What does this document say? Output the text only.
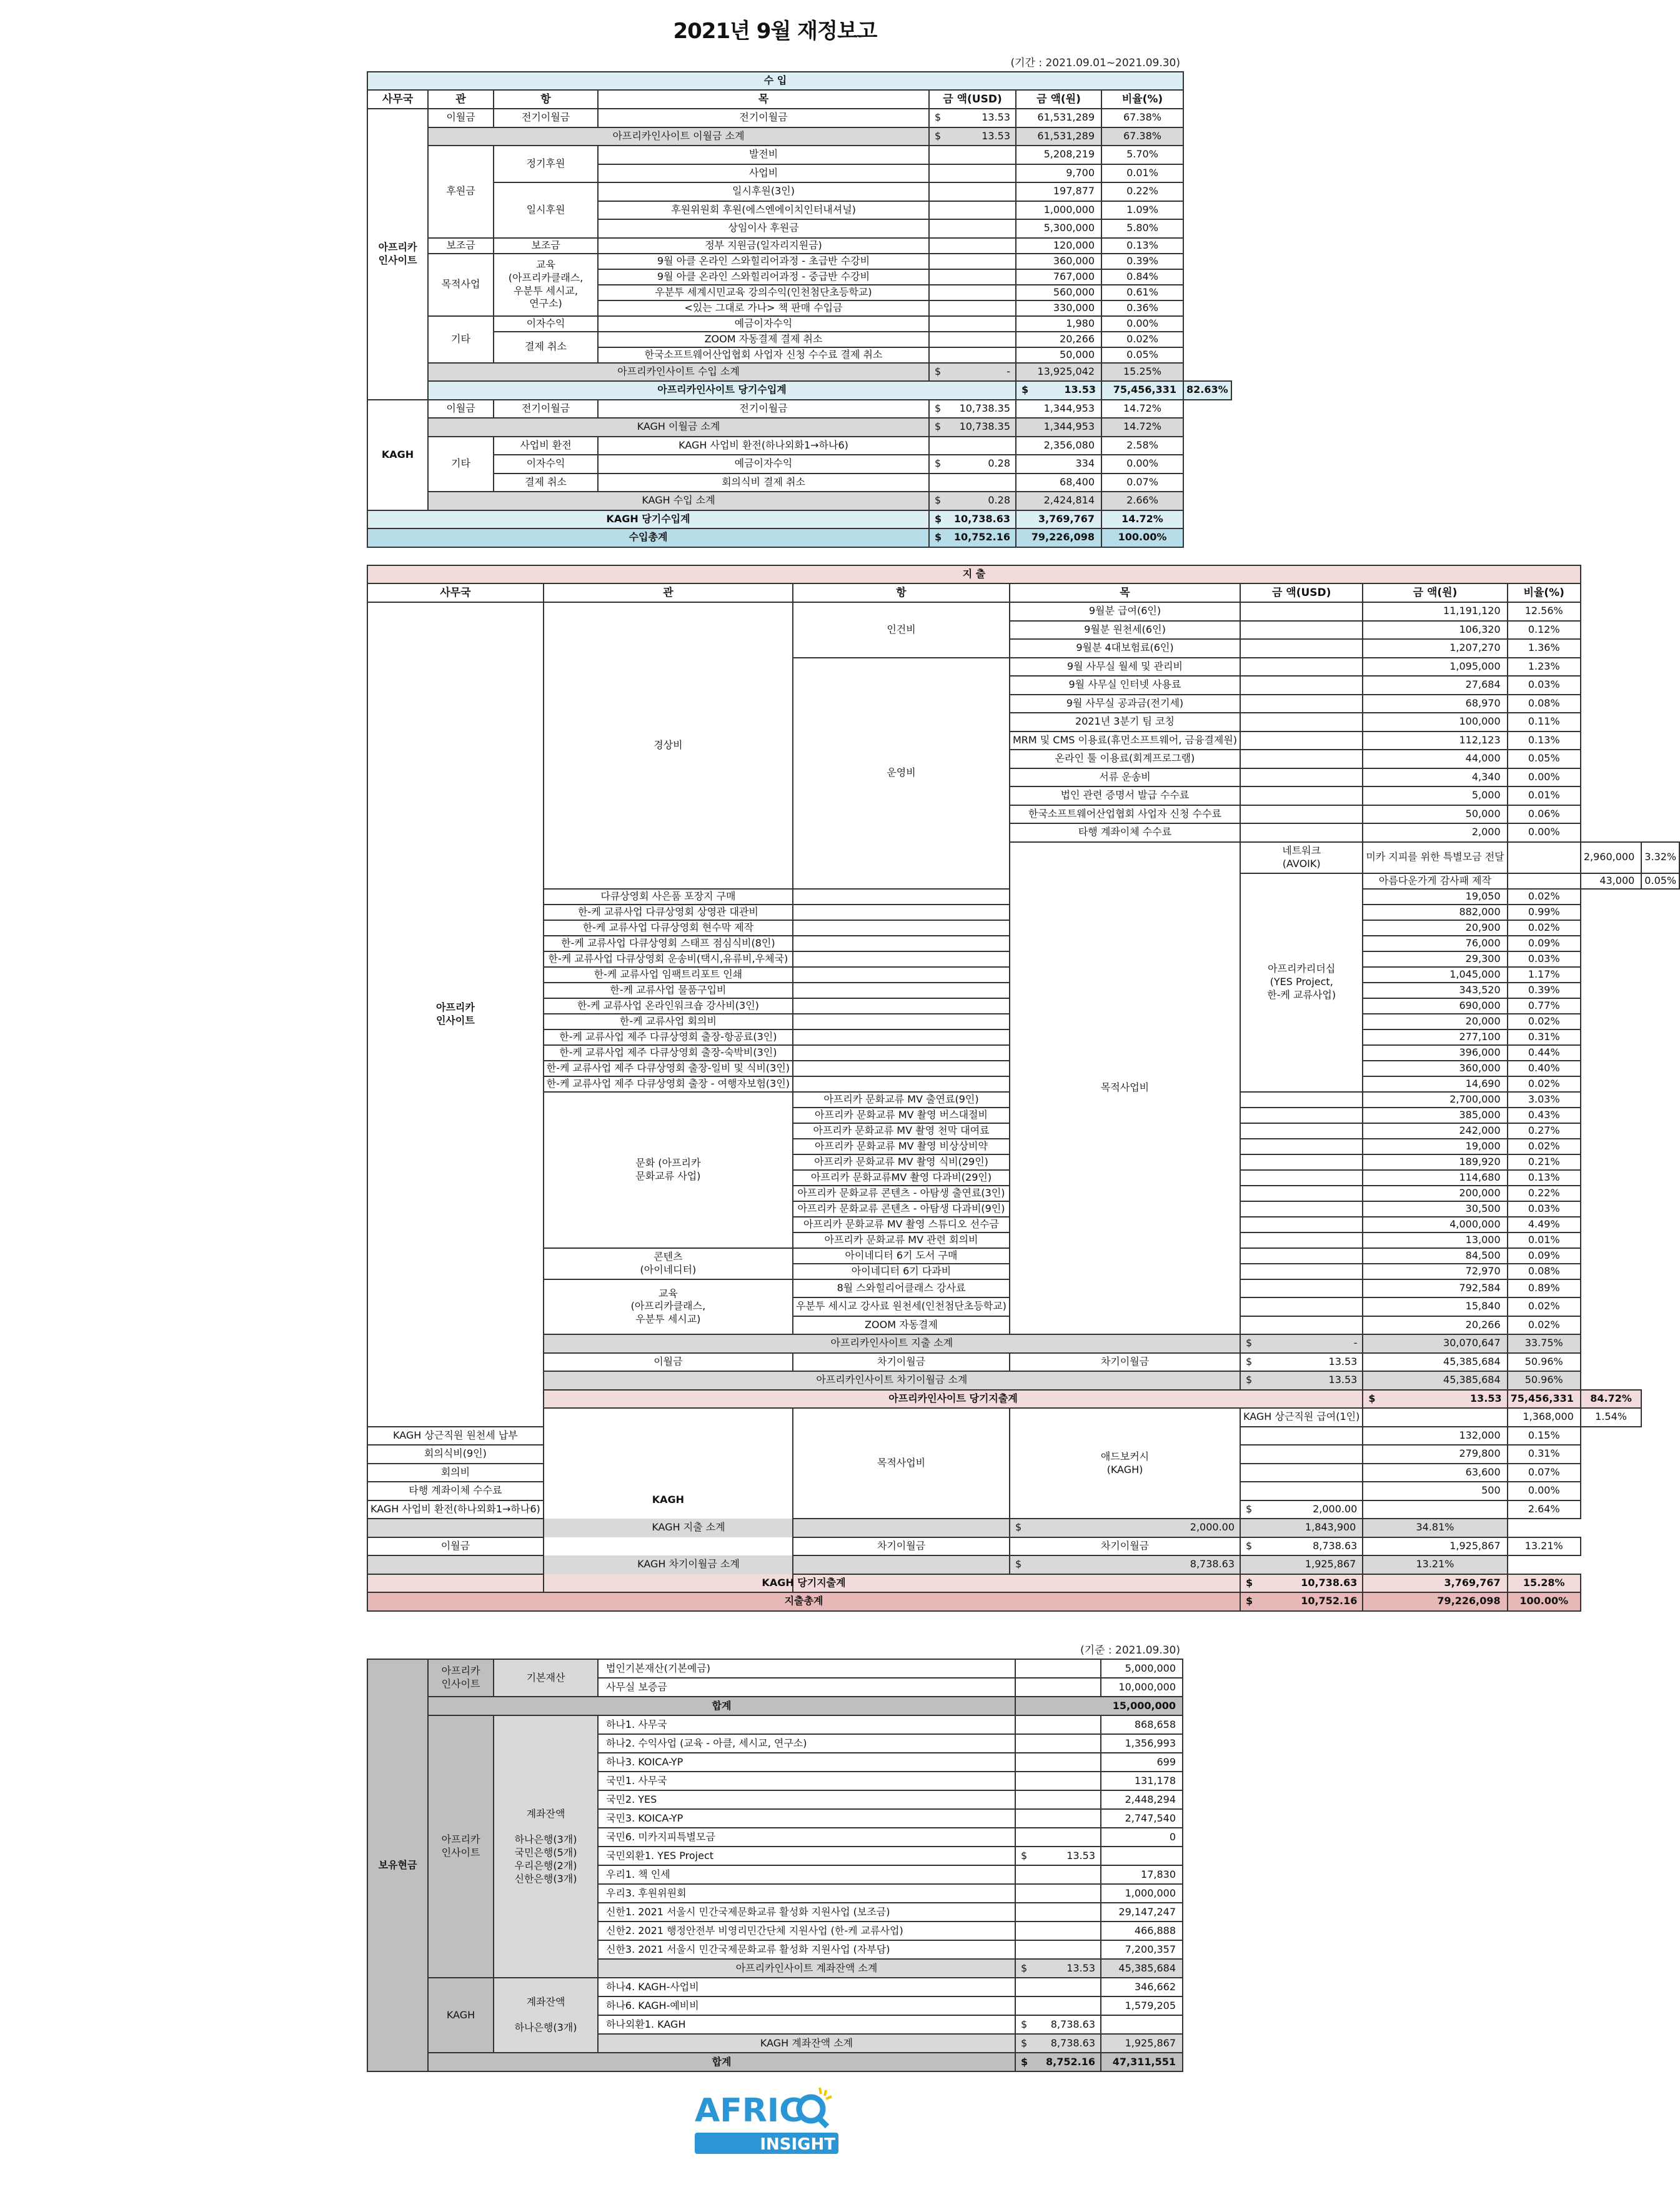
2021년 9월 재정보고
(기간 : 2021.09.01~2021.09.30)
수 입
사무국	관	항	목	금 액(USD)	금 액(원)	비율(%)
아프리카
인사이트	이월금	전기이월금	전기이월금	$	13.53	61,531,289	67.38%
아프리카인사이트 이월금 소계	$	13.53	61,531,289	67.38%
후원금	정기후원	발전비		5,208,219	5.70%
사업비		9,700	0.01%
일시후원	일시후원(3인)		197,877	0.22%
후원위원회 후원(에스엔에이치인터내셔널)		1,000,000	1.09%
상임이사 후원금		5,300,000	5.80%
보조금	보조금	정부 지원금(일자리지원금)		120,000	0.13%
목적사업	교육
(아프리카클래스,
우분투 세시교,
연구소)	9월 아클 온라인 스와힐리어과정 - 초급반 수강비		360,000	0.39%
9월 아클 온라인 스와힐리어과정 - 중급반 수강비		767,000	0.84%
우분투 세계시민교육 강의수익(인천첨단초등학교)		560,000	0.61%
<있는 그대로 가나> 책 판매 수입금		330,000	0.36%
기타	이자수익	예금이자수익		1,980	0.00%
결제 취소	ZOOM 자동결제 결제 취소		20,266	0.02%
한국소프트웨어산업협회 사업자 신청 수수료 결제 취소		50,000	0.05%
아프리카인사이트 수입 소계	$	-	13,925,042	15.25%
아프리카인사이트 당기수입계	$	13.53	75,456,331	82.63%
KAGH	이월금	전기이월금	전기이월금	$ 10,738.35	1,344,953	14.72%
KAGH 이월금 소계	$ 10,738.35	1,344,953	14.72%
기타	사업비 환전	KAGH 사업비 환전(하나외화1→하나6)		2,356,080	2.58%
이자수익	예금이자수익	$	0.28	334	0.00%
결제 취소	회의식비 결제 취소		68,400	0.07%
KAGH 수입 소계	$	0.28	2,424,814	2.66%
KAGH 당기수입계	$ 10,738.63	3,769,767	14.72%
수입총계	$ 10,752.16	79,226,098	100.00%
지 출
사무국	관	항	목	금 액(USD)	금 액(원)	비율(%)
아프리카
인사이트	경상비	인건비	9월분 급여(6인)		11,191,120	12.56%
9월분 원천세(6인)		106,320	0.12%
9월분 4대보험료(6인)		1,207,270	1.36%
운영비	9월 사무실 월세 및 관리비		1,095,000	1.23%
9월 사무실 인터넷 사용료		27,684	0.03%
9월 사무실 공과금(전기세)		68,970	0.08%
2021년 3분기 팀 코칭		100,000	0.11%
MRM 및 CMS 이용료(휴먼소프트웨어, 금융결제원)		112,123	0.13%
온라인 툴 이용료(회계프로그램)		44,000	0.05%
서류 운송비		4,340	0.00%
법인 관련 증명서 발급 수수료		5,000	0.01%
한국소프트웨어산업협회 사업자 신청 수수료		50,000	0.06%
타행 계좌이체 수수료		2,000	0.00%
목적사업비	네트워크
(AVOIK)	미카 지피를 위한 특별모금 전달		2,960,000	3.32%
아프리카리더십
(YES Project,
한-케 교류사업)	아름다운가게 감사패 제작		43,000	0.05%
다큐상영회 사은품 포장지 구매		19,050	0.02%
한-케 교류사업 다큐상영회 상영관 대관비		882,000	0.99%
한-케 교류사업 다큐상영회 현수막 제작		20,900	0.02%
한-케 교류사업 다큐상영회 스태프 점심식비(8인)		76,000	0.09%
한-케 교류사업 다큐상영회 운송비(택시,유류비,우체국)		29,300	0.03%
한-케 교류사업 임팩트리포트 인쇄		1,045,000	1.17%
한-케 교류사업 물품구입비		343,520	0.39%
한-케 교류사업 온라인워크숍 강사비(3인)		690,000	0.77%
한-케 교류사업 회의비		20,000	0.02%
한-케 교류사업 제주 다큐상영회 출장-항공료(3인)		277,100	0.31%
한-케 교류사업 제주 다큐상영회 출장-숙박비(3인)		396,000	0.44%
한-케 교류사업 제주 다큐상영회 출장-일비 및 식비(3인)		360,000	0.40%
한-케 교류사업 제주 다큐상영회 출장 - 여행자보험(3인)		14,690	0.02%
문화 (아프리카
문화교류 사업)	아프리카 문화교류 MV 출연료(9인)		2,700,000	3.03%
아프리카 문화교류 MV 촬영 버스대절비		385,000	0.43%
아프리카 문화교류 MV 촬영 천막 대여료		242,000	0.27%
아프리카 문화교류 MV 촬영 비상상비약		19,000	0.02%
아프리카 문화교류 MV 촬영 식비(29인)		189,920	0.21%
아프리카 문화교류MV 촬영 다과비(29인)		114,680	0.13%
아프리카 문화교류 콘텐츠 - 아탐생 출연료(3인)		200,000	0.22%
아프리카 문화교류 콘텐츠 - 아탐생 다과비(9인)		30,500	0.03%
아프리카 문화교류 MV 촬영 스튜디오 선수금		4,000,000	4.49%
아프리카 문화교류 MV 관련 회의비		13,000	0.01%
콘텐츠
(아이네디터)	아이네디터 6기 도서 구매		84,500	0.09%
아이네디터 6기 다과비		72,970	0.08%
교육
(아프리카클래스,
우분투 세시교)	8월 스와힐리어클래스 강사료		792,584	0.89%
우분투 세시교 강사료 원천세(인천첨단초등학교)		15,840	0.02%
ZOOM 자동결제		20,266	0.02%
아프리카인사이트 지출 소계	$	-	30,070,647	33.75%
이월금	차기이월금	차기이월금	$	13.53	45,385,684	50.96%
아프리카인사이트 차기이월금 소계	$	13.53	45,385,684	50.96%
아프리카인사이트 당기지출계	$	13.53	75,456,331	84.72%
KAGH	목적사업비	애드보커시
(KAGH)	KAGH 상근직원 급여(1인)		1,368,000	1.54%
KAGH 상근직원 원천세 납부		132,000	0.15%
회의식비(9인)		279,800	0.31%
회의비		63,600	0.07%
타행 계좌이체 수수료		500	0.00%
KAGH 사업비 환전(하나외화1→하나6)	$	2,000.00		2.64%
KAGH 지출 소계	$	2,000.00	1,843,900	34.81%
이월금	차기이월금	차기이월금	$	8,738.63	1,925,867	13.21%
KAGH 차기이월금 소계	$	8,738.63	1,925,867	13.21%
KAGH 당기지출계	$	10,738.63	3,769,767	15.28%
지출총계	$	10,752.16	79,226,098	100.00%
(기준 : 2021.09.30)
보유현금	아프리카
인사이트	기본재산	법인기본재산(기본예금)		5,000,000
사무실 보증금		10,000,000
합계	15,000,000
아프리카
인사이트	계좌잔액

하나은행(3개)
국민은행(5개)
우리은행(2개)
신한은행(3개)	하나1. 사무국		868,658
하나2. 수익사업 (교육 - 아클, 세시교, 연구소)		1,356,993
하나3. KOICA-YP		699
국민1. 사무국		131,178
국민2. YES		2,448,294
국민3. KOICA-YP		2,747,540
국민6. 미카지피특별모금		0
국민외환1. YES Project	$	13.53

우리1. 책 인세		17,830
우리3. 후원위원회		1,000,000
신한1. 2021 서울시 민간국제문화교류 활성화 지원사업 (보조금)		29,147,247
신한2. 2021 행정안전부 비영리민간단체 지원사업 (한-케 교류사업)		466,888
신한3. 2021 서울시 민간국제문화교류 활성화 지원사업 (자부담)		7,200,357
아프리카인사이트 계좌잔액 소계	$	13.53	45,385,684
KAGH	계좌잔액

하나은행(3개)	하나4. KAGH-사업비		346,662
하나6. KAGH-예비비		1,579,205
하나외환1. KAGH	$ 8,738.63

KAGH 계좌잔액 소계	$ 8,738.63	1,925,867
합계	$ 8,752.16	47,311,551
AFRIC
INSIGHT
